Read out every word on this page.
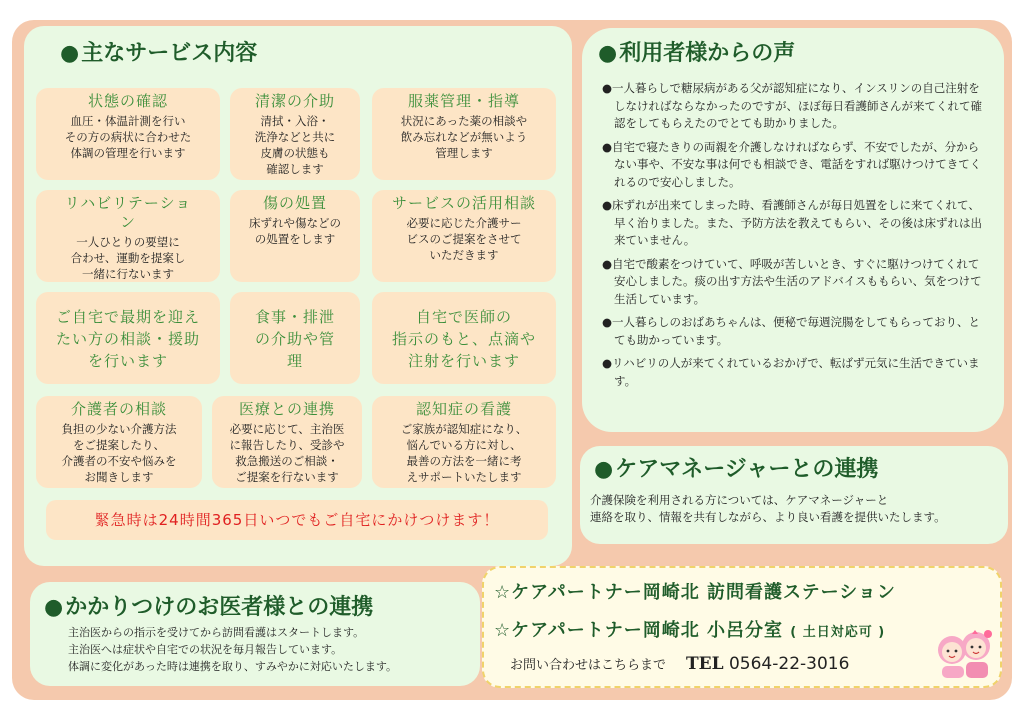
●主なサービス内容
状態の確認
血圧・体温計測を行い
その方の病状に合わせた
体調の管理を行います
清潔の介助
清拭・入浴・
洗浄などと共に
皮膚の状態も
確認します
服薬管理・指導
状況にあった薬の相談や
飲み忘れなどが無いよう
管理します
リハビリテーショ
ン
一人ひとりの要望に
合わせ、運動を提案し
一緒に行ないます
傷の処置
床ずれや傷などの
の処置をします
サービスの活用相談
必要に応じた介護サー
ビスのご提案をさせて
いただきます
ご自宅で最期を迎え
たい方の相談・援助
を行います
食事・排泄
の介助や管
理
自宅で医師の
指示のもと、点滴や
注射を行います
介護者の相談
負担の少ない介護方法
をご提案したり、
介護者の不安や悩みを
お聞きします
医療との連携
必要に応じて、主治医
に報告したり、受診や
救急搬送のご相談・
ご提案を行ないます
認知症の看護
ご家族が認知症になり、
悩んでいる方に対し、
最善の方法を一緒に考
えサポートいたします
緊急時は24時間365日いつでもご自宅にかけつけます！
●利用者様からの声
●一人暮らしで糖尿病がある父が認知症になり、インスリンの自己注射をしなければならなかったのですが、ほぼ毎日看護師さんが来てくれて確認をしてもらえたのでとても助かりました。
●自宅で寝たきりの両親を介護しなければならず、不安でしたが、分からない事や、不安な事は何でも相談でき、電話をすれば駆けつけてきてくれるので安心しました。
●床ずれが出来てしまった時、看護師さんが毎日処置をしに来てくれて、早く治りました。また、予防方法を教えてもらい、その後は床ずれは出来ていません。
●自宅で酸素をつけていて、呼吸が苦しいとき、すぐに駆けつけてくれて安心しました。痰の出す方法や生活のアドバイスももらい、気をつけて生活しています。
●一人暮らしのおばあちゃんは、便秘で毎週浣腸をしてもらっており、とても助かっています。
●リハビリの人が来てくれているおかげで、転ばず元気に生活できています。
●ケアマネージャーとの連携
介護保険を利用される方については、ケアマネージャーと
連絡を取り、情報を共有しながら、より良い看護を提供いたします。
●かかりつけのお医者様との連携
主治医からの指示を受けてから訪問看護はスタートします。
主治医へは症状や自宅での状況を毎月報告しています。
体調に変化があった時は連携を取り、すみやかに対応いたします。
☆ケアパートナー岡崎北 訪問看護ステーション
☆ケアパートナー岡崎北 小呂分室 ( 土日対応可 )
お問い合わせはこちらまで TEL 0564-22-3016
